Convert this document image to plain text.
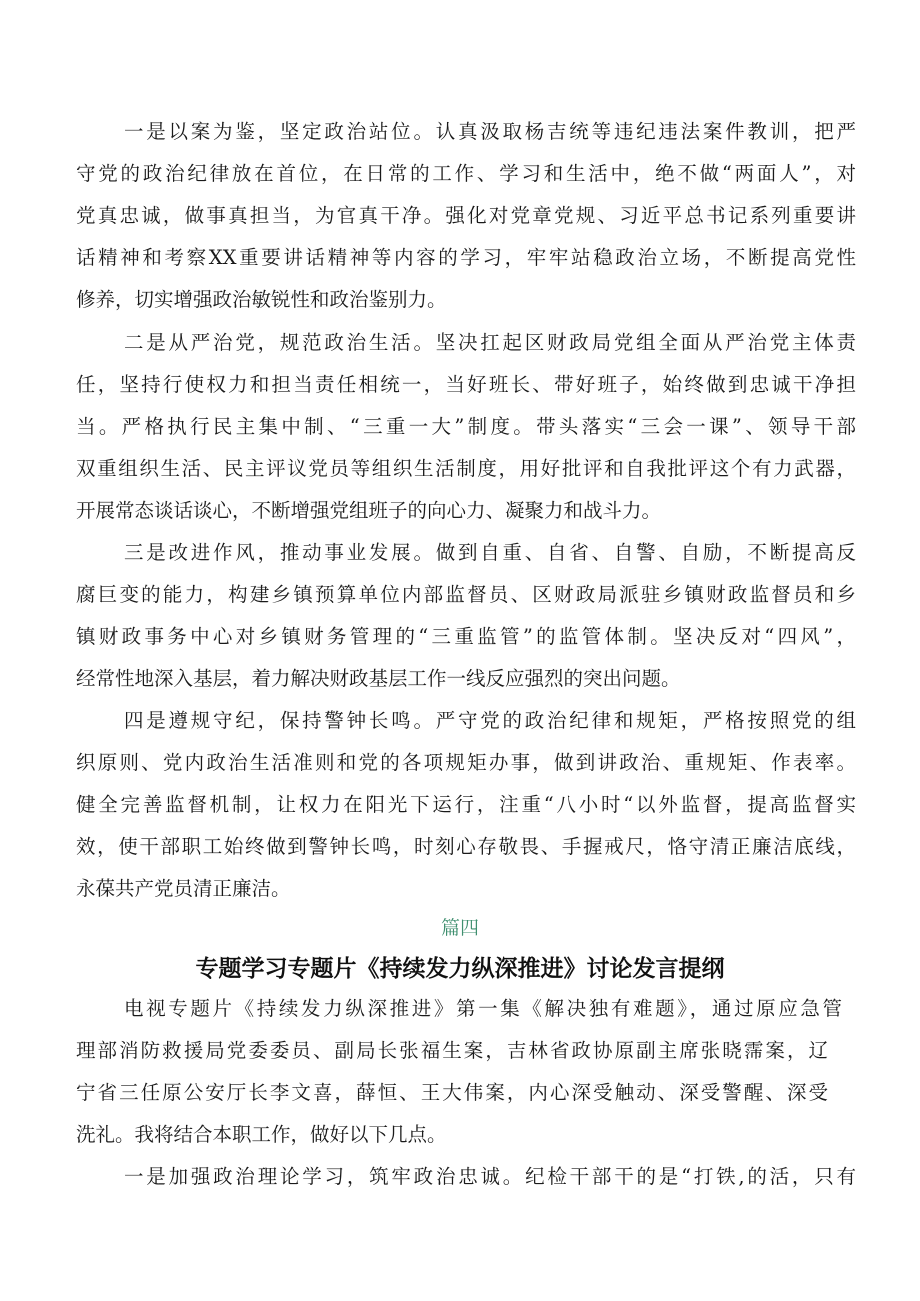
一是以案为鉴，坚定政治站位。认真汲取杨吉统等违纪违法案件教训，把严
守党的政治纪律放在首位，在日常的工作、学习和生活中，绝不做“两面人”，对
党真忠诚，做事真担当，为官真干净。强化对党章党规、习近平总书记系列重要讲
话精神和考察XX重要讲话精神等内容的学习，牢牢站稳政治立场，不断提高党性
修养，切实增强政治敏锐性和政治鉴别力。
二是从严治党，规范政治生活。坚决扛起区财政局党组全面从严治党主体责
任，坚持行使权力和担当责任相统一，当好班长、带好班子，始终做到忠诚干净担
当。严格执行民主集中制、“三重一大”制度。带头落实“三会一课”、领导干部
双重组织生活、民主评议党员等组织生活制度，用好批评和自我批评这个有力武器，
开展常态谈话谈心，不断增强党组班子的向心力、凝聚力和战斗力。
三是改进作风，推动事业发展。做到自重、自省、自警、自励，不断提高反
腐巨变的能力，构建乡镇预算单位内部监督员、区财政局派驻乡镇财政监督员和乡
镇财政事务中心对乡镇财务管理的“三重监管”的监管体制。坚决反对“四风”，
经常性地深入基层，着力解决财政基层工作一线反应强烈的突出问题。
四是遵规守纪，保持警钟长鸣。严守党的政治纪律和规矩，严格按照党的组
织原则、党内政治生活准则和党的各项规矩办事，做到讲政治、重规矩、作表率。
健全完善监督机制，让权力在阳光下运行，注重“八小时“以外监督，提高监督实
效，使干部职工始终做到警钟长鸣，时刻心存敬畏、手握戒尺，恪守清正廉洁底线，
永葆共产党员清正廉洁。
篇四
专题学习专题片《持续发力纵深推进》讨论发言提纲
电视专题片《持续发力纵深推进》第一集《解决独有难题》，通过原应急管
理部消防救援局党委委员、副局长张福生案，吉林省政协原副主席张晓霈案，辽
宁省三任原公安厅长李文喜，薛恒、王大伟案，内心深受触动、深受警醒、深受
洗礼。我将结合本职工作，做好以下几点。
一是加强政治理论学习，筑牢政治忠诚。纪检干部干的是“打铁,的活，只有
